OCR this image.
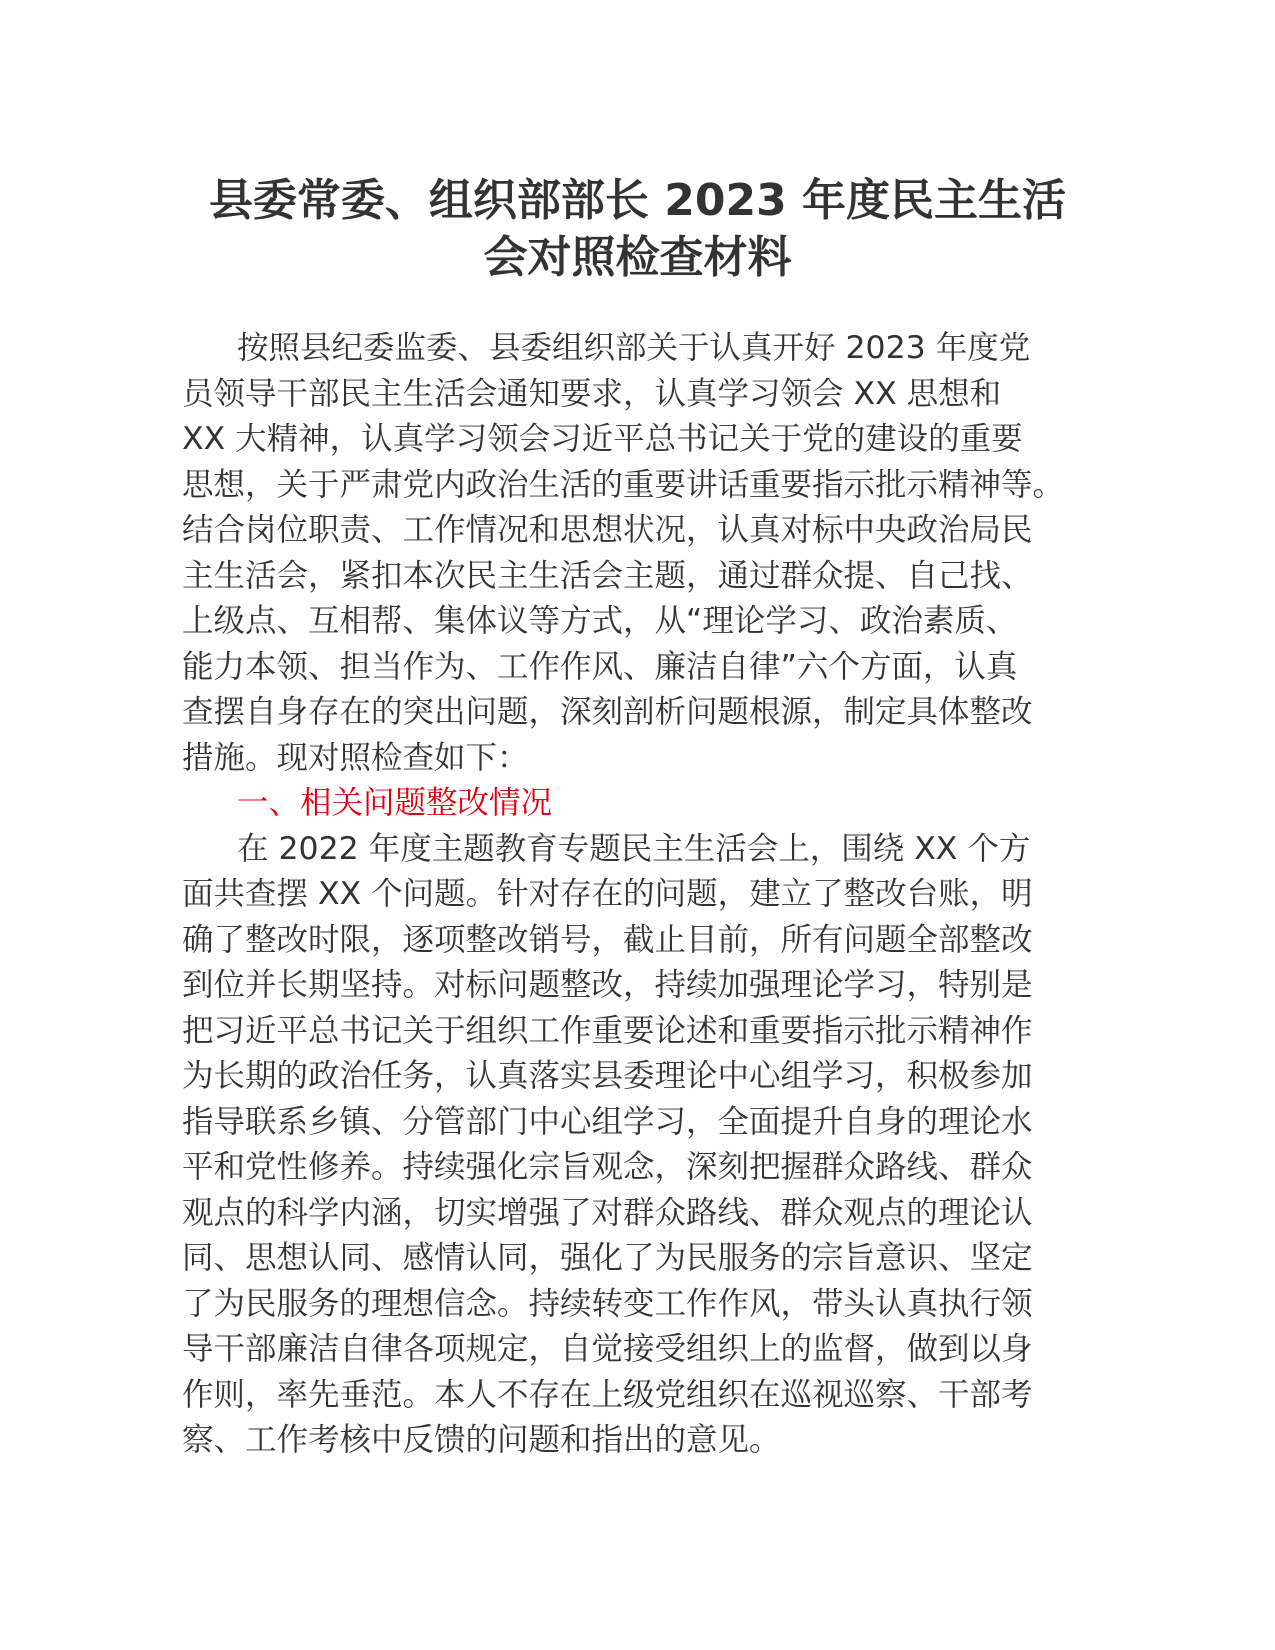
县委常委、组织部部长 2023 年度民主生活
会对照检查材料
按照县纪委监委、县委组织部关于认真开好 2023 年度党
员领导干部民主生活会通知要求，认真学习领会 XX 思想和
XX 大精神，认真学习领会习近平总书记关于党的建设的重要
思想，关于严肃党内政治生活的重要讲话重要指示批示精神等。
结合岗位职责、工作情况和思想状况，认真对标中央政治局民
主生活会，紧扣本次民主生活会主题，通过群众提、自己找、
上级点、互相帮、集体议等方式，从“理论学习、政治素质、
能力本领、担当作为、工作作风、廉洁自律”六个方面，认真
查摆自身存在的突出问题，深刻剖析问题根源，制定具体整改
措施。现对照检查如下：
一、相关问题整改情况
在 2022 年度主题教育专题民主生活会上，围绕 XX 个方
面共查摆 XX 个问题。针对存在的问题，建立了整改台账，明
确了整改时限，逐项整改销号，截止目前，所有问题全部整改
到位并长期坚持。对标问题整改，持续加强理论学习，特别是
把习近平总书记关于组织工作重要论述和重要指示批示精神作
为长期的政治任务，认真落实县委理论中心组学习，积极参加
指导联系乡镇、分管部门中心组学习，全面提升自身的理论水
平和党性修养。持续强化宗旨观念，深刻把握群众路线、群众
观点的科学内涵，切实增强了对群众路线、群众观点的理论认
同、思想认同、感情认同，强化了为民服务的宗旨意识、坚定
了为民服务的理想信念。持续转变工作作风，带头认真执行领
导干部廉洁自律各项规定，自觉接受组织上的监督，做到以身
作则，率先垂范。本人不存在上级党组织在巡视巡察、干部考
察、工作考核中反馈的问题和指出的意见。
